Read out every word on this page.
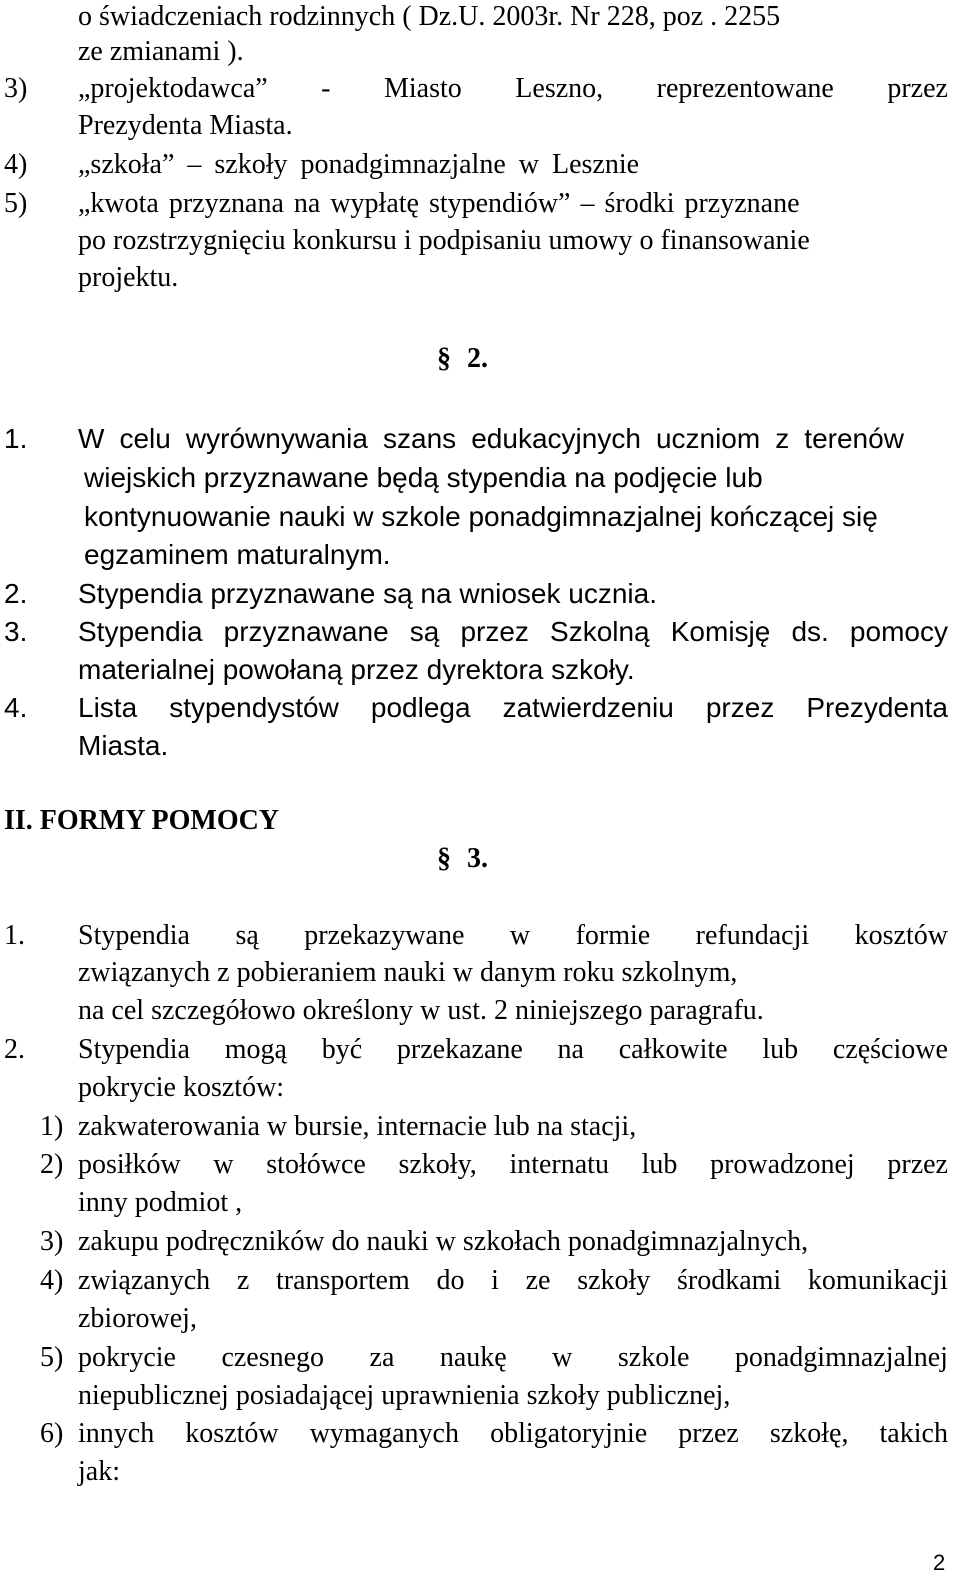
o świadczeniach rodzinnych ( Dz.U. 2003r. Nr 228, poz . 2255
ze zmianami ).
3) „projektodawca” - Miasto Leszno, reprezentowane przez
Prezydenta Miasta.
4) „szkoła” – szkoły ponadgimnazjalne w Lesznie
5) „kwota przyznana na wypłatę stypendiów” – środki przyznane
po rozstrzygnięciu konkursu i podpisaniu umowy o finansowanie
projektu.
§ 2.
1. W celu wyrównywania szans edukacyjnych uczniom z terenów
wiejskich przyznawane będą stypendia na podjęcie lub
kontynuowanie nauki w szkole ponadgimnazjalnej kończącej się
egzaminem maturalnym.
2. Stypendia przyznawane są na wniosek ucznia.
3. Stypendia przyznawane są przez Szkolną Komisję ds. pomocy
materialnej powołaną przez dyrektora szkoły.
4. Lista stypendystów podlega zatwierdzeniu przez Prezydenta
Miasta.
II. FORMY POMOCY
§ 3.
1. Stypendia są przekazywane w formie refundacji kosztów
związanych z pobieraniem nauki w danym roku szkolnym,
na cel szczegółowo określony w ust. 2 niniejszego paragrafu.
2. Stypendia mogą być przekazane na całkowite lub częściowe
pokrycie kosztów:
1) zakwaterowania w bursie, internacie lub na stacji,
2) posiłków w stołówce szkoły, internatu lub prowadzonej przez
inny podmiot ,
3) zakupu podręczników do nauki w szkołach ponadgimnazjalnych,
4) związanych z transportem do i ze szkoły środkami komunikacji
zbiorowej,
5) pokrycie czesnego za naukę w szkole ponadgimnazjalnej
niepublicznej posiadającej uprawnienia szkoły publicznej,
6) innych kosztów wymaganych obligatoryjnie przez szkołę, takich
jak:
2
